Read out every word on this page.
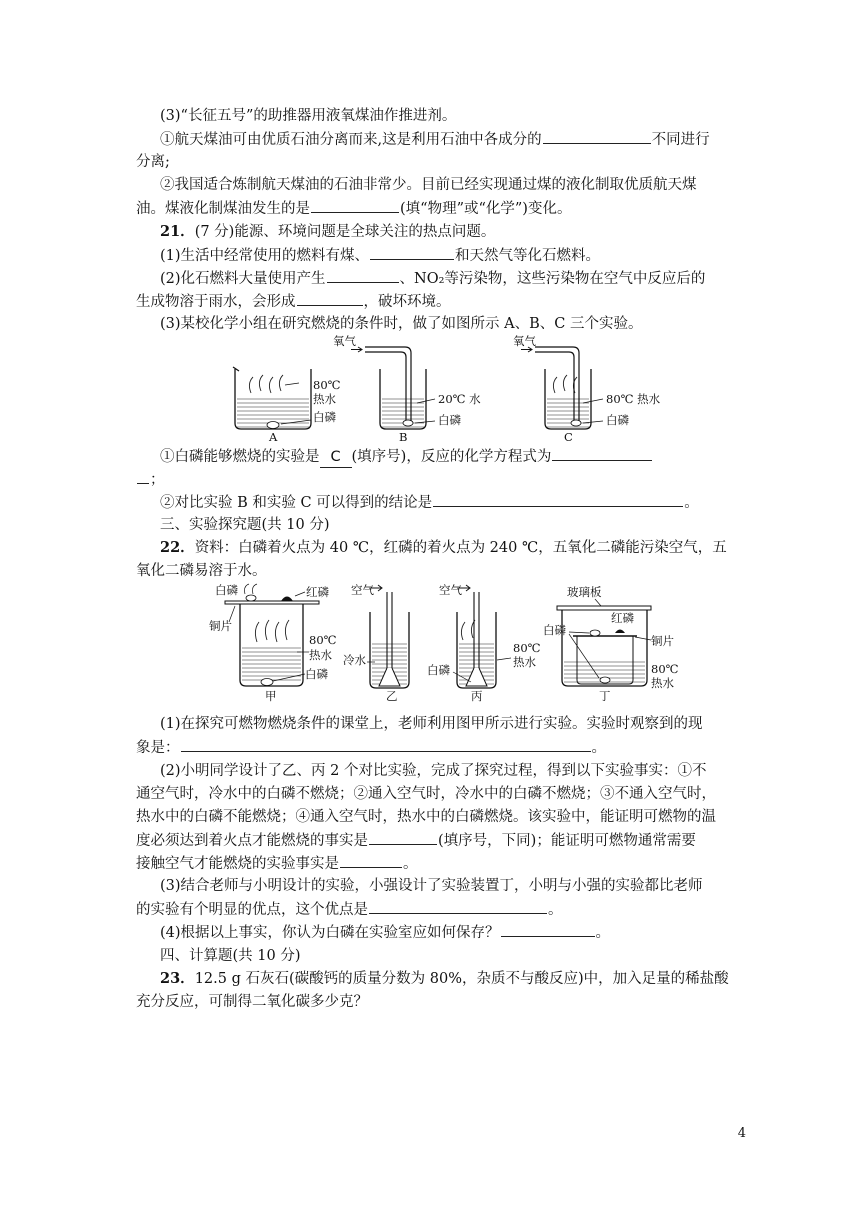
(3)“长征五号”的助推器用液氧煤油作推进剂。
①航天煤油可由优质石油分离而来,这是利用石油中各成分的	不同进行
分离;
②我国适合炼制航天煤油的石油非常少。目前已经实现通过煤的液化制取优质航天煤
油。煤液化制煤油发生的是	(填“物理”或“化学”)变化。
21．(7 分)能源、环境问题是全球关注的热点问题。
(1)生活中经常使用的燃料有煤、	和天然气等化石燃料。
(2)化石燃料大量使用产生	、NO₂等污染物，这些污染物在空气中反应后的
生成物溶于雨水，会形成	，破坏环境。
(3)某校化学小组在研究燃烧的条件时，做了如图所示 A、B、C 三个实验。
80℃
热水
白磷
A
氧气
20℃ 水
白磷
B
氧气
80℃ 热水
白磷
C
①白磷能够燃烧的实验是 C (填序号)，反应的化学方程式为
；
②对比实验 B 和实验 C 可以得到的结论是	。
三、实验探究题(共 10 分)
22．资料：白磷着火点为 40 ℃，红磷的着火点为 240 ℃，五氧化二磷能污染空气，五
氧化二磷易溶于水。
白磷	红磷
铜片
80℃
热水
白磷
甲
空气
冷水
乙
空气
白磷
80℃
热水
丙
玻璃板
红磷
白磷
铜片
80℃
热水
丁
(1)在探究可燃物燃烧条件的课堂上，老师利用图甲所示进行实验。实验时观察到的现
象是：	。
(2)小明同学设计了乙、丙 2 个对比实验，完成了探究过程，得到以下实验事实：①不
通空气时，冷水中的白磷不燃烧；②通入空气时，冷水中的白磷不燃烧；③不通入空气时，
热水中的白磷不能燃烧；④通入空气时，热水中的白磷燃烧。该实验中，能证明可燃物的温
度必须达到着火点才能燃烧的事实是	(填序号，下同)；能证明可燃物通常需要
接触空气才能燃烧的实验事实是	。
(3)结合老师与小明设计的实验，小强设计了实验装置丁，小明与小强的实验都比老师
的实验有个明显的优点，这个优点是	。
(4)根据以上事实，你认为白磷在实验室应如何保存？	。
四、计算题(共 10 分)
23．12.5 g 石灰石(碳酸钙的质量分数为 80%，杂质不与酸反应)中，加入足量的稀盐酸
充分反应，可制得二氧化碳多少克？
4
